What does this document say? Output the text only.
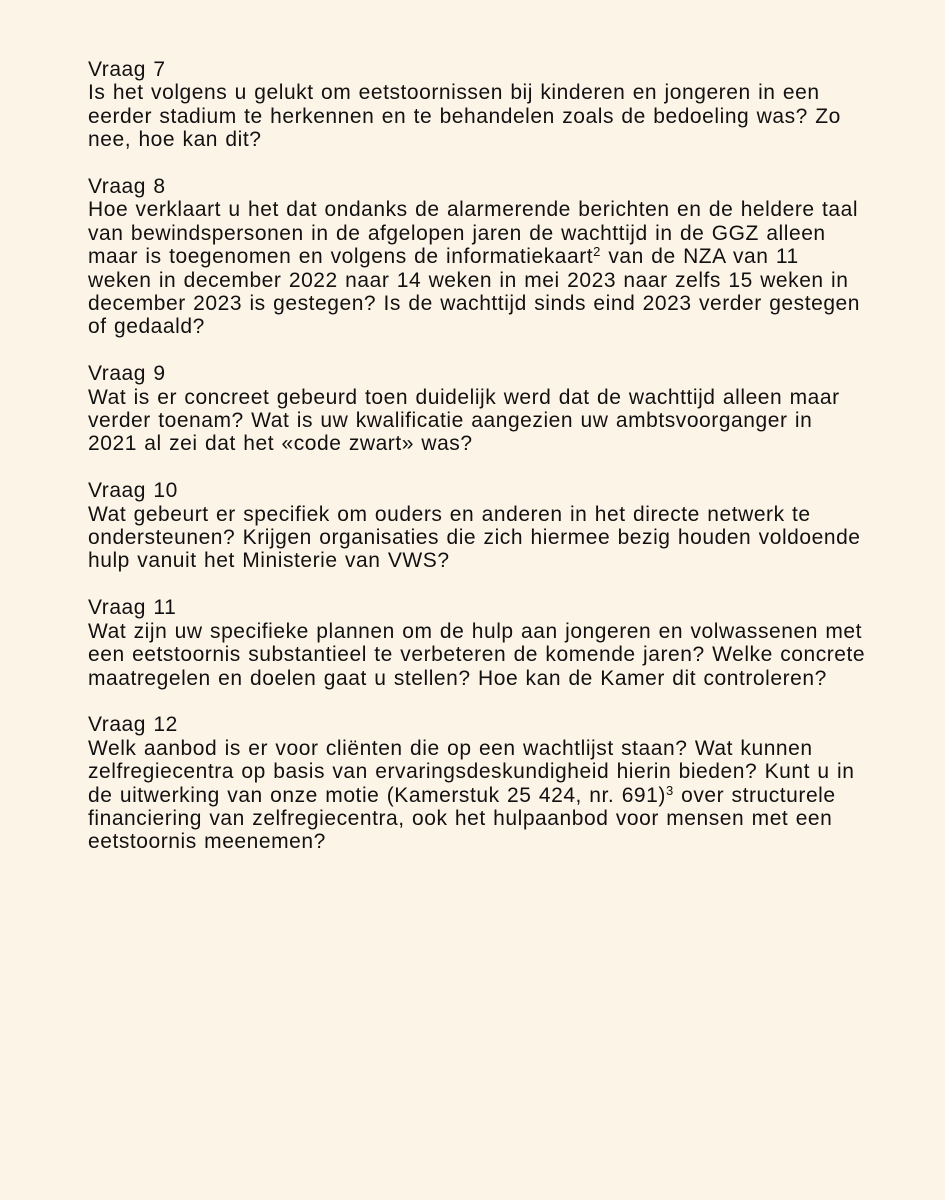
Vraag 7

Is het volgens u gelukt om eetstoornissen bij kinderen en jongeren in een

eerder stadium te herkennen en te behandelen zoals de bedoeling was? Zo

nee, hoe kan dit?

Vraag 8

Hoe verklaart u het dat ondanks de alarmerende berichten en de heldere taal

van bewindspersonen in de afgelopen jaren de wachttijd in de GGZ alleen

maar is toegenomen en volgens de informatiekaart$^2$ van de NZA van 11

weken in december 2022 naar 14 weken in mei 2023 naar zelfs 15 weken in

december 2023 is gestegen? Is de wachttijd sinds eind 2023 verder gestegen

of gedaald?

Vraag 9

Wat is er concreet gebeurd toen duidelijk werd dat de wachttijd alleen maar

verder toenam? Wat is uw kwalificatie aangezien uw ambtsvoorganger in

2021 al zei dat het «code zwart» was?

Vraag 10

Wat gebeurt er specifiek om ouders en anderen in het directe netwerk te

ondersteunen? Krijgen organisaties die zich hiermee bezig houden voldoende

hulp vanuit het Ministerie van VWS?

Vraag 11

Wat zijn uw specifieke plannen om de hulp aan jongeren en volwassenen met

een eetstoornis substantieel te verbeteren de komende jaren? Welke concrete

maatregelen en doelen gaat u stellen? Hoe kan de Kamer dit controleren?

Vraag 12

Welk aanbod is er voor cliënten die op een wachtlijst staan? Wat kunnen

zelfregiecentra op basis van ervaringsdeskundigheid hierin bieden? Kunt u in

de uitwerking van onze motie (Kamerstuk 25 424, nr. 691)$^3$ over structurele

financiering van zelfregiecentra, ook het hulpaanbod voor mensen met een

eetstoornis meenemen?
